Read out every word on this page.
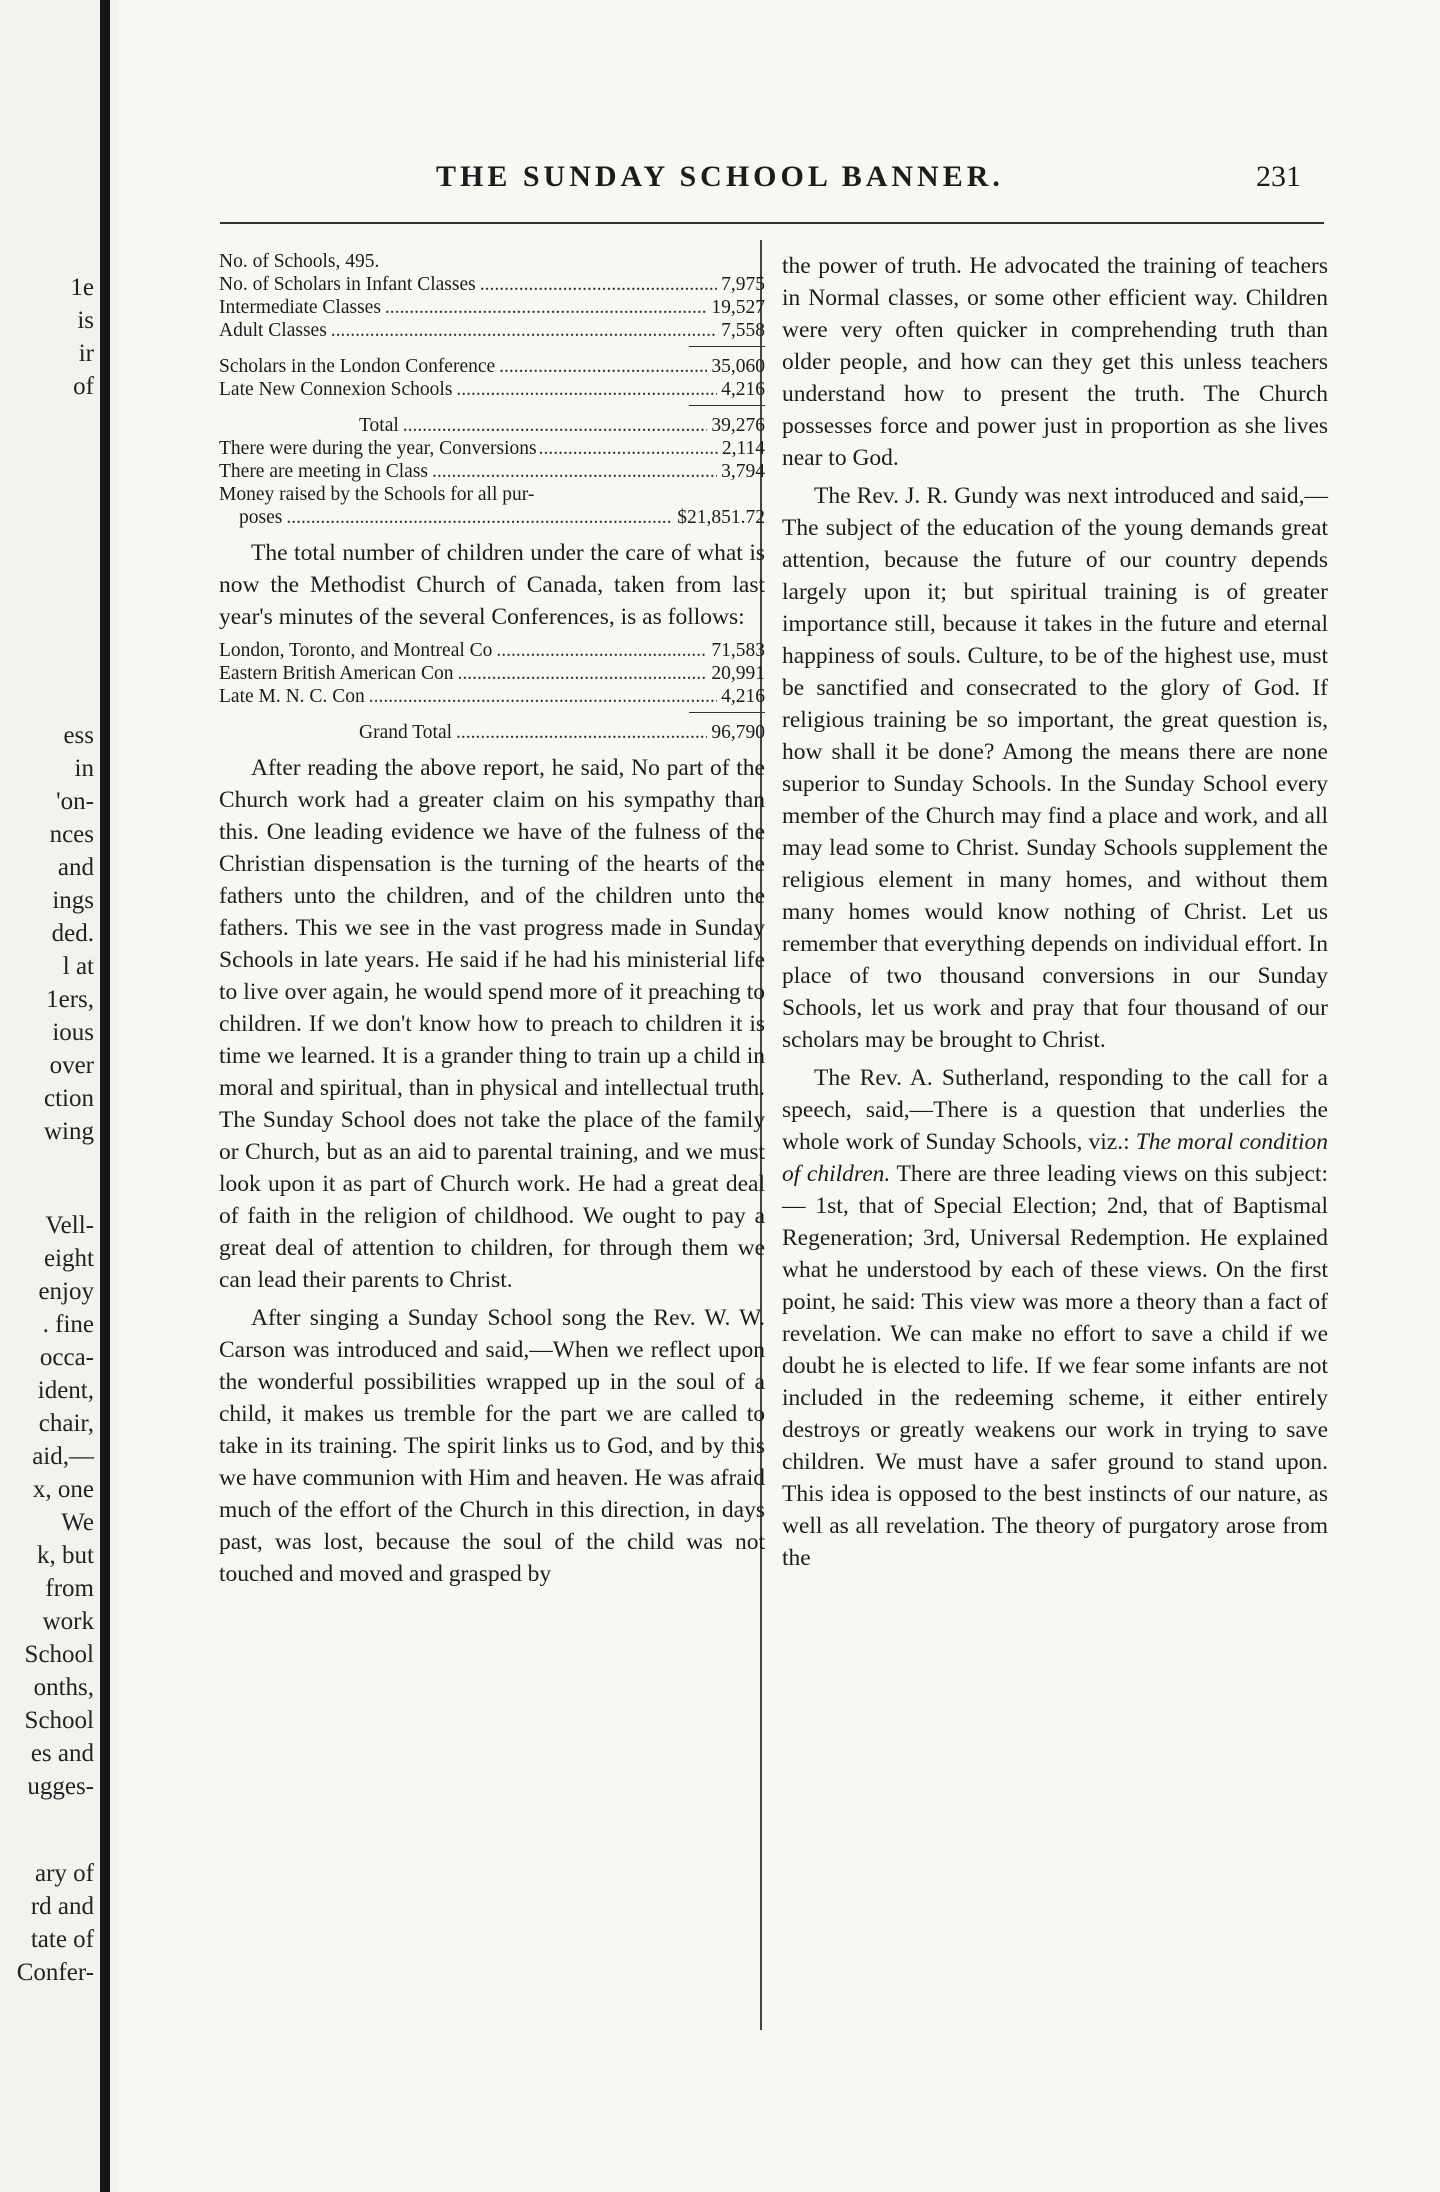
1e
is
ir
of
ess
in
'on-
nces
and
ings
ded.
l at
1ers,
ious
over
ction
wing
Vell-
eight
enjoy
. fine
occa-
ident,
chair,
aid,—
x, one
We
k, but
from
work
School
onths,
School
es and
ugges-
ary of
rd and
tate of
Confer-
THE SUNDAY SCHOOL BANNER.	231
No. of Schools, 495.
No. of Scholars in Infant Classes .....	7,975
Intermediate Classes .....	19,527
Adult Classes .....	7,558
Scholars in the London Conference .....	35,060
Late New Connexion Schools .....	4,216
Total .....	39,276
There were during the year, Conversions .....	2,114
There are meeting in Class .....	3,794
Money raised by the Schools for all pur-
poses .....	$21,851.72

The total number of children under the care of what is now the Methodist Church of Canada, taken from last year's minutes of the several Conferences, is as follows:

London, Toronto, and Montreal Co .....	71,583
Eastern British American Con .....	20,991
Late M. N. C. Con .....	4,216
Grand Total .....	96,790

After reading the above report, he said, No part of the Church work had a greater claim on his sympathy than this. One leading evidence we have of the fulness of the Christian dispensation is the turning of the hearts of the fathers unto the children, and of the children unto the fathers. This we see in the vast progress made in Sunday Schools in late years. He said if he had his ministerial life to live over again, he would spend more of it preaching to children. If we don't know how to preach to children it is time we learned. It is a grander thing to train up a child in moral and spiritual, than in physical and intellectual truth. The Sunday School does not take the place of the family or Church, but as an aid to parental training, and we must look upon it as part of Church work. He had a great deal of faith in the religion of childhood. We ought to pay a great deal of attention to children, for through them we can lead their parents to Christ.

After singing a Sunday School song the Rev. W. W. Carson was introduced and said,—When we reflect upon the wonderful possibilities wrapped up in the soul of a child, it makes us tremble for the part we are called to take in its training. The spirit links us to God, and by this we have communion with Him and heaven. He was afraid much of the effort of the Church in this direction, in days past, was lost, because the soul of the child was not touched and moved and grasped by

the power of truth. He advocated the training of teachers in Normal classes, or some other efficient way. Children were very often quicker in comprehending truth than older people, and how can they get this unless teachers understand how to present the truth. The Church possesses force and power just in proportion as she lives near to God.

The Rev. J. R. Gundy was next introduced and said,—The subject of the education of the young demands great attention, because the future of our country depends largely upon it; but spiritual training is of greater importance still, because it takes in the future and eternal happiness of souls. Culture, to be of the highest use, must be sanctified and consecrated to the glory of God. If religious training be so important, the great question is, how shall it be done? Among the means there are none superior to Sunday Schools. In the Sunday School every member of the Church may find a place and work, and all may lead some to Christ. Sunday Schools supplement the religious element in many homes, and without them many homes would know nothing of Christ. Let us remember that everything depends on individual effort. In place of two thousand conversions in our Sunday Schools, let us work and pray that four thousand of our scholars may be brought to Christ.

The Rev. A. Sutherland, responding to the call for a speech, said,—There is a question that underlies the whole work of Sunday Schools, viz.: The moral condition of children. There are three leading views on this subject: — 1st, that of Special Election; 2nd, that of Baptismal Regeneration; 3rd, Universal Redemption. He explained what he understood by each of these views. On the first point, he said: This view was more a theory than a fact of revelation. We can make no effort to save a child if we doubt he is elected to life. If we fear some infants are not included in the redeeming scheme, it either entirely destroys or greatly weakens our work in trying to save children. We must have a safer ground to stand upon. This idea is opposed to the best instincts of our nature, as well as all revelation. The theory of purgatory arose from the
